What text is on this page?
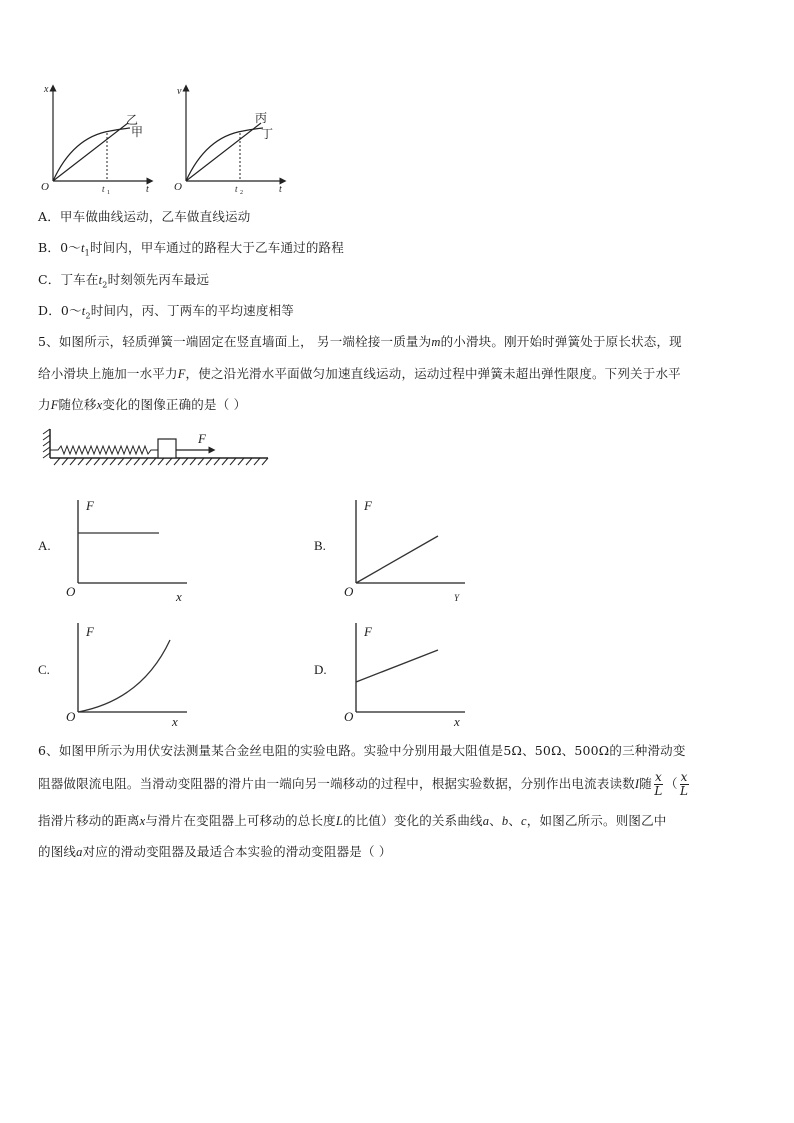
x
t
O	t 1
乙
甲
v
t
O	t 2
丙
丁
A．甲车做曲线运动，乙车做直线运动
B．$0\sim t_1$时间内，甲车通过的路程大于乙车通过的路程
C．丁车在$t_2$时刻领先丙车最远
D．$0\sim t_2$时间内，丙、丁两车的平均速度相等
5、如图所示，轻质弹簧一端固定在竖直墙面上， 另一端栓接一质量为m的小滑块。刚开始时弹簧处于原长状态，现
给小滑块上施加一水平力F，使之沿光滑水平面做匀加速直线运动，运动过程中弹簧未超出弹性限度。下列关于水平
力F随位移x变化的图像正确的是（ ）
F
A.
F
x
O
B.
F
Y
O
C.
F
x
O
D.
F
x
O
6、如图甲所示为用伏安法测量某合金丝电阻的实验电路。实验中分别用最大阻值是5Ω、50Ω、500Ω的三种滑动变
阻器做限流电阻。当滑动变阻器的滑片由一端向另一端移动的过程中，根据实验数据，分别作出电流表读数I随 $\frac{x}{L}$ （ $\frac{x}{L}$
指滑片移动的距离x与滑片在变阻器上可移动的总长度L的比值）变化的关系曲线a、b、c，如图乙所示。则图乙中
的图线a对应的滑动变阻器及最适合本实验的滑动变阻器是（ ）
